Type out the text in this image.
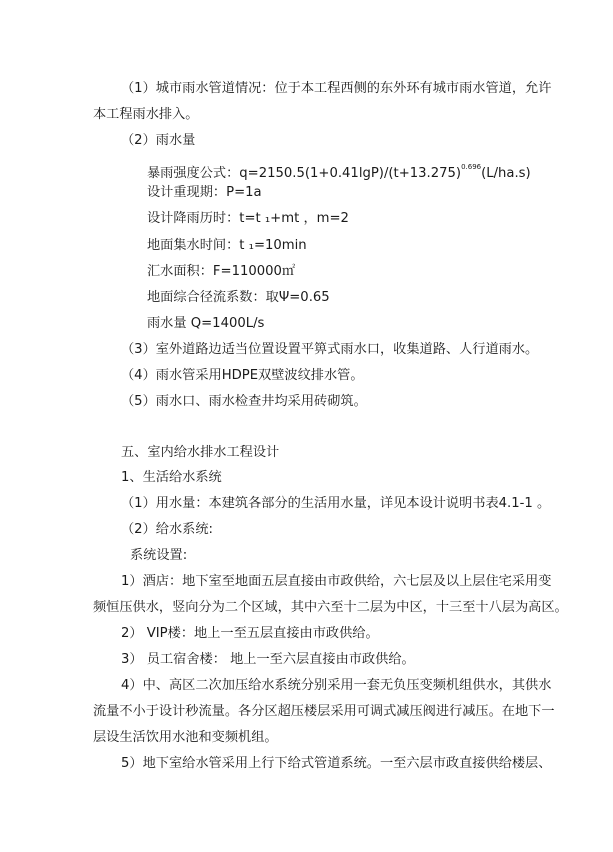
（1）城市雨水管道情况：位于本工程西侧的东外环有城市雨水管道，允许
本工程雨水排入。
（2）雨水量
暴雨强度公式：$q=2150.5(1+0.41\lg P)/(t+13.275)^{0.696}(L/ha.s)$
设计重现期：P=1a
设计降雨历时：t=t ₁+mt ，m=2
地面集水时间：t ₁=10min
汇水面积：F=110000㎡
地面综合径流系数：取Ψ=0.65
雨水量 Q=1400L/s
（3）室外道路边适当位置设置平箅式雨水口，收集道路、人行道雨水。
（4）雨水管采用HDPE双壁波纹排水管。
（5）雨水口、雨水检查井均采用砖砌筑。
五、室内给水排水工程设计
1、生活给水系统
（1）用水量：本建筑各部分的生活用水量，详见本设计说明书表4.1-1 。
（2）给水系统:
系统设置:
1）酒店：地下室至地面五层直接由市政供给，六七层及以上层住宅采用变
频恒压供水，竖向分为二个区域，其中六至十二层为中区，十三至十八层为高区。
2） VIP楼：地上一至五层直接由市政供给。
3） 员工宿舍楼： 地上一至六层直接由市政供给。
4）中、高区二次加压给水系统分别采用一套无负压变频机组供水，其供水
流量不小于设计秒流量。各分区超压楼层采用可调式减压阀进行减压。在地下一
层设生活饮用水池和变频机组。
5）地下室给水管采用上行下给式管道系统。一至六层市政直接供给楼层、
